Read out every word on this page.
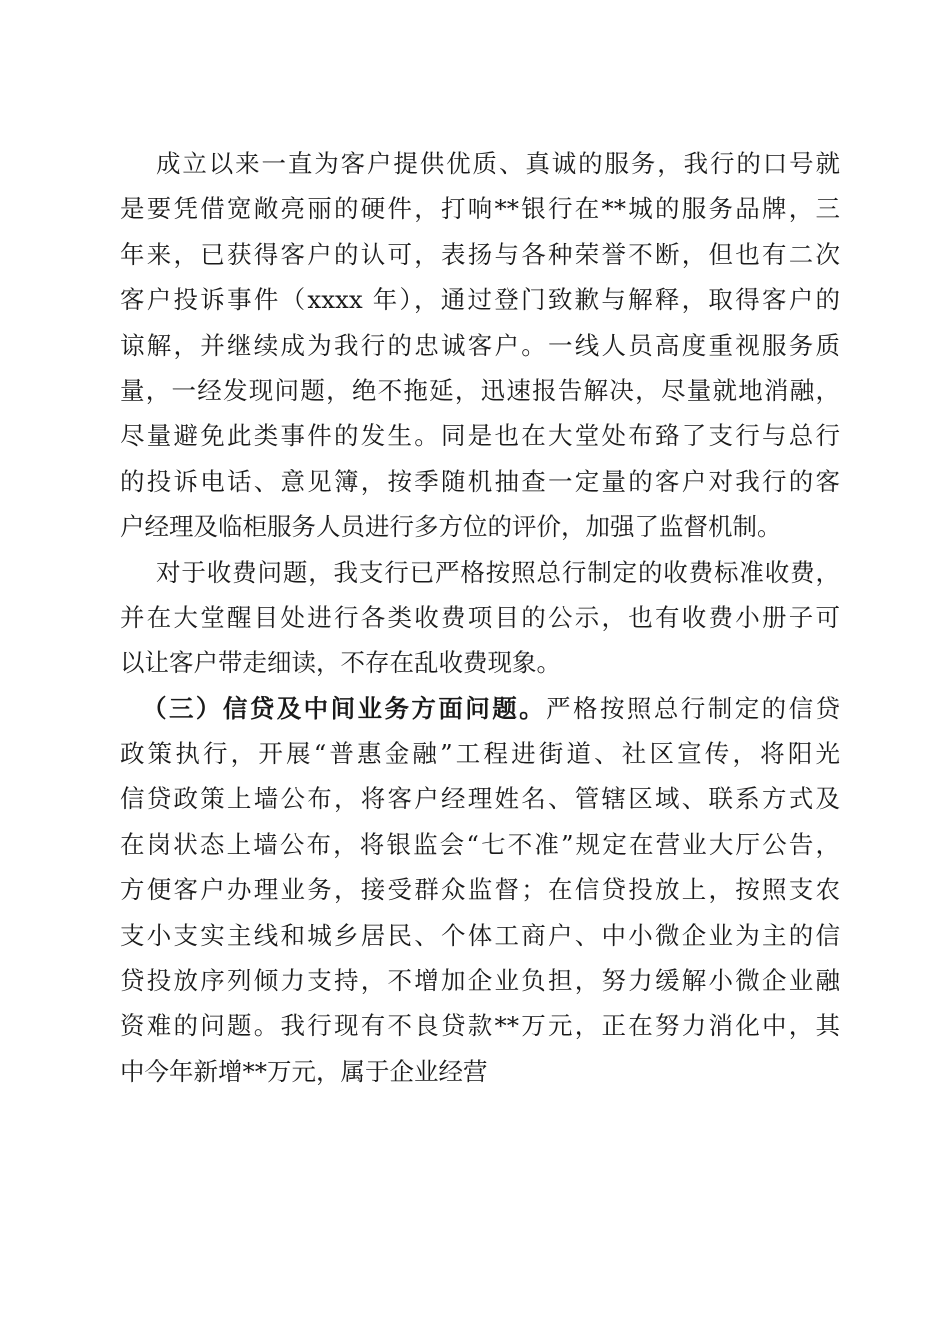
成立以来一直为客户提供优质、真诚的服务，我行的口号就
是要凭借宽敞亮丽的硬件，打响**银行在**城的服务品牌，三
年来，已获得客户的认可，表扬与各种荣誉不断，但也有二次
客户投诉事件（xxxx 年），通过登门致歉与解释，取得客户的
谅解，并继续成为我行的忠诚客户。一线人员高度重视服务质
量，一经发现问题，绝不拖延，迅速报告解决，尽量就地消融，
尽量避免此类事件的发生。同是也在大堂处布臵了支行与总行
的投诉电话、意见簿，按季随机抽查一定量的客户对我行的客
户经理及临柜服务人员进行多方位的评价，加强了监督机制。
对于收费问题，我支行已严格按照总行制定的收费标准收费，
并在大堂醒目处进行各类收费项目的公示，也有收费小册子可
以让客户带走细读，不存在乱收费现象。
（三）信贷及中间业务方面问题。严格按照总行制定的信贷
政策执行，开展“普惠金融”工程进街道、社区宣传，将阳光
信贷政策上墙公布，将客户经理姓名、管辖区域、联系方式及
在岗状态上墙公布，将银监会“七不准”规定在营业大厅公告，
方便客户办理业务，接受群众监督；在信贷投放上，按照支农
支小支实主线和城乡居民、个体工商户、中小微企业为主的信
贷投放序列倾力支持，不增加企业负担，努力缓解小微企业融
资难的问题。我行现有不良贷款**万元，正在努力消化中，其
中今年新增**万元，属于企业经营
